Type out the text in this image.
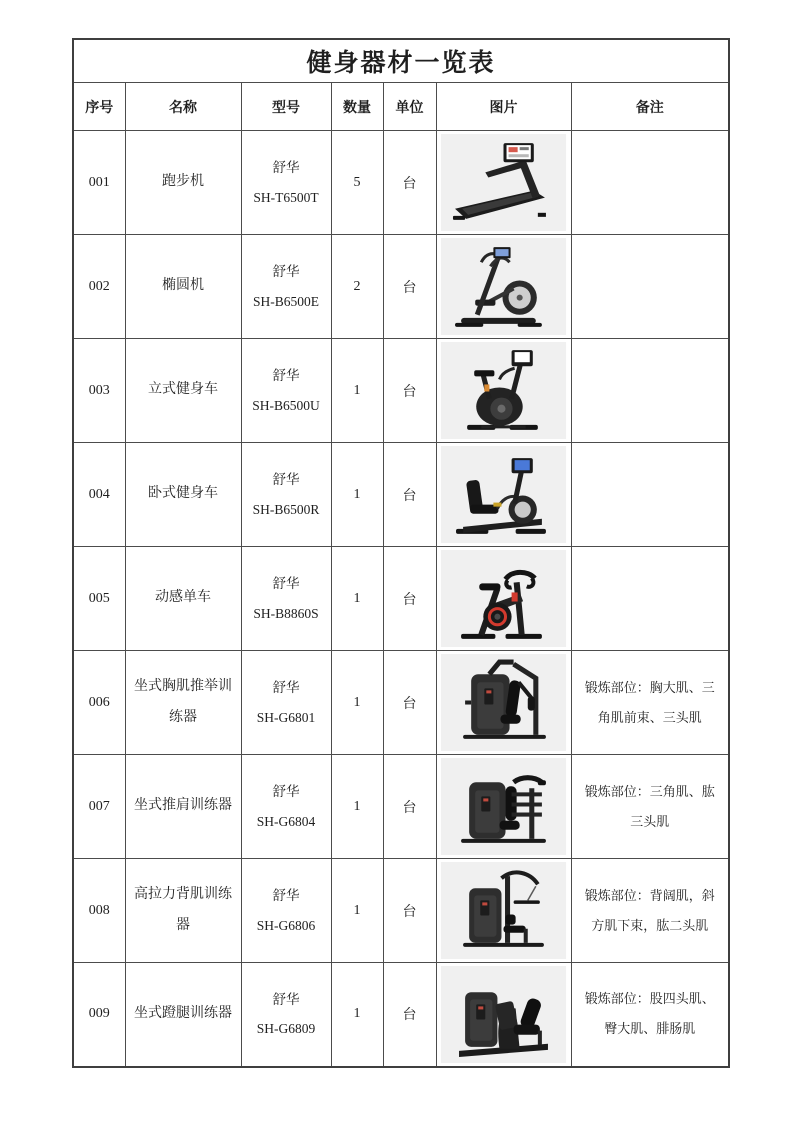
健身器材一览表						
序号	名称	型号	数量	单位	图片	备注
001	跑步机	舒华
SH-T6500T	5	台	

002	椭圆机	舒华
SH-B6500E	2	台	

003	立式健身车	舒华
SH-B6500U	1	台	

004	卧式健身车	舒华
SH-B6500R	1	台	

005	动感单车	舒华
SH-B8860S	1	台	

006	坐式胸肌推举训练器	舒华
SH-G6801	1	台		锻炼部位：胸大肌、三角肌前束、三头肌
007	坐式推肩训练器	舒华
SH-G6804	1	台		锻炼部位：三角肌、肱三头肌
008	高拉力背肌训练器	舒华
SH-G6806	1	台		锻炼部位：背阔肌，斜方肌下束，肱二头肌
009	坐式蹬腿训练器	舒华
SH-G6809	1	台		锻炼部位：股四头肌、臀大肌、腓肠肌
